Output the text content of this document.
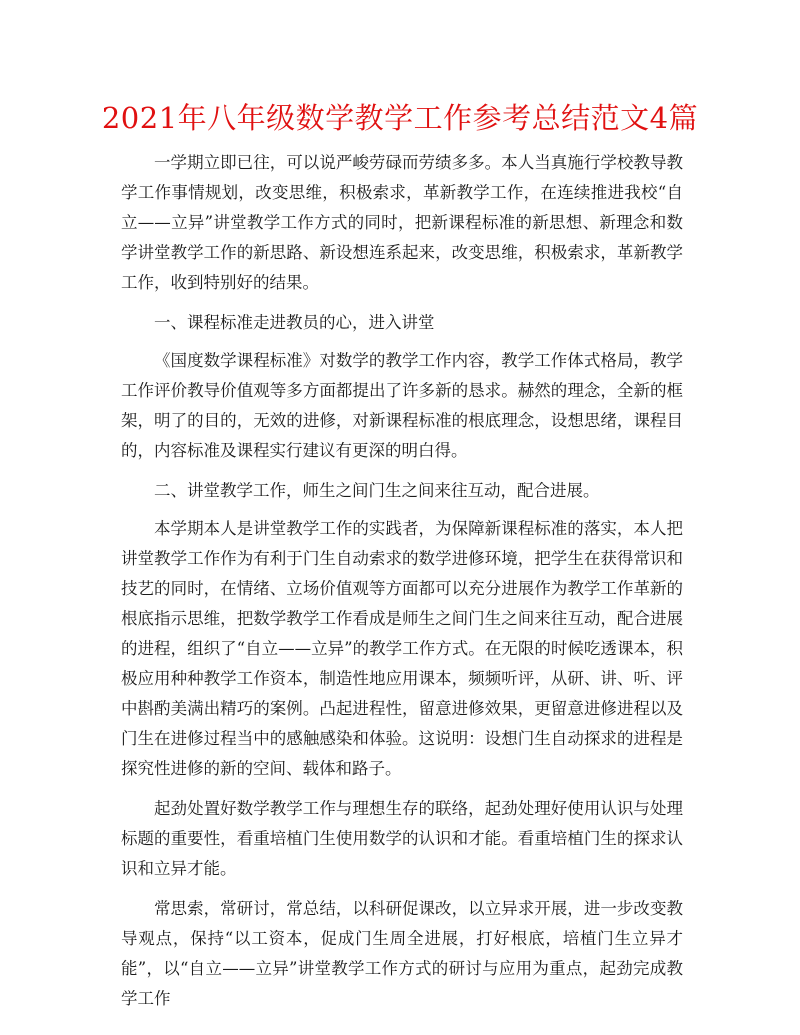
2021年八年级数学教学工作参考总结范文4篇

一学期立即已往，可以说严峻劳碌而劳绩多多。本人当真施行学校教导教学工作事情规划，改变思维，积极索求，革新教学工作，在连续推进我校“自立——立异”讲堂教学工作方式的同时，把新课程标准的新思想、新理念和数学讲堂教学工作的新思路、新设想连系起来，改变思维，积极索求，革新教学工作，收到特别好的结果。

一、课程标准走进教员的心，进入讲堂

《国度数学课程标准》对数学的教学工作内容，教学工作体式格局，教学工作评价教导价值观等多方面都提出了许多新的恳求。赫然的理念，全新的框架，明了的目的，无效的进修，对新课程标准的根底理念，设想思绪，课程目的，内容标准及课程实行建议有更深的明白得。

二、讲堂教学工作，师生之间门生之间来往互动，配合进展。

本学期本人是讲堂教学工作的实践者，为保障新课程标准的落实，本人把讲堂教学工作作为有利于门生自动索求的数学进修环境，把学生在获得常识和技艺的同时，在情绪、立场价值观等方面都可以充分进展作为教学工作革新的根底指示思维，把数学教学工作看成是师生之间门生之间来往互动，配合进展的进程，组织了“自立——立异”的教学工作方式。在无限的时候吃透课本，积极应用种种教学工作资本，制造性地应用课本，频频听评，从研、讲、听、评中斟酌美满出精巧的案例。凸起进程性，留意进修效果，更留意进修进程以及门生在进修过程当中的感触感染和体验。这说明：设想门生自动探求的进程是探究性进修的新的空间、载体和路子。

起劲处置好数学教学工作与理想生存的联络，起劲处理好使用认识与处理标题的重要性，看重培植门生使用数学的认识和才能。看重培植门生的探求认识和立异才能。

常思索，常研讨，常总结，以科研促课改，以立异求开展，进一步改变教导观点，保持“以工资本，促成门生周全进展，打好根底，培植门生立异才能”，以“自立——立异”讲堂教学工作方式的研讨与应用为重点，起劲完成教学工作
